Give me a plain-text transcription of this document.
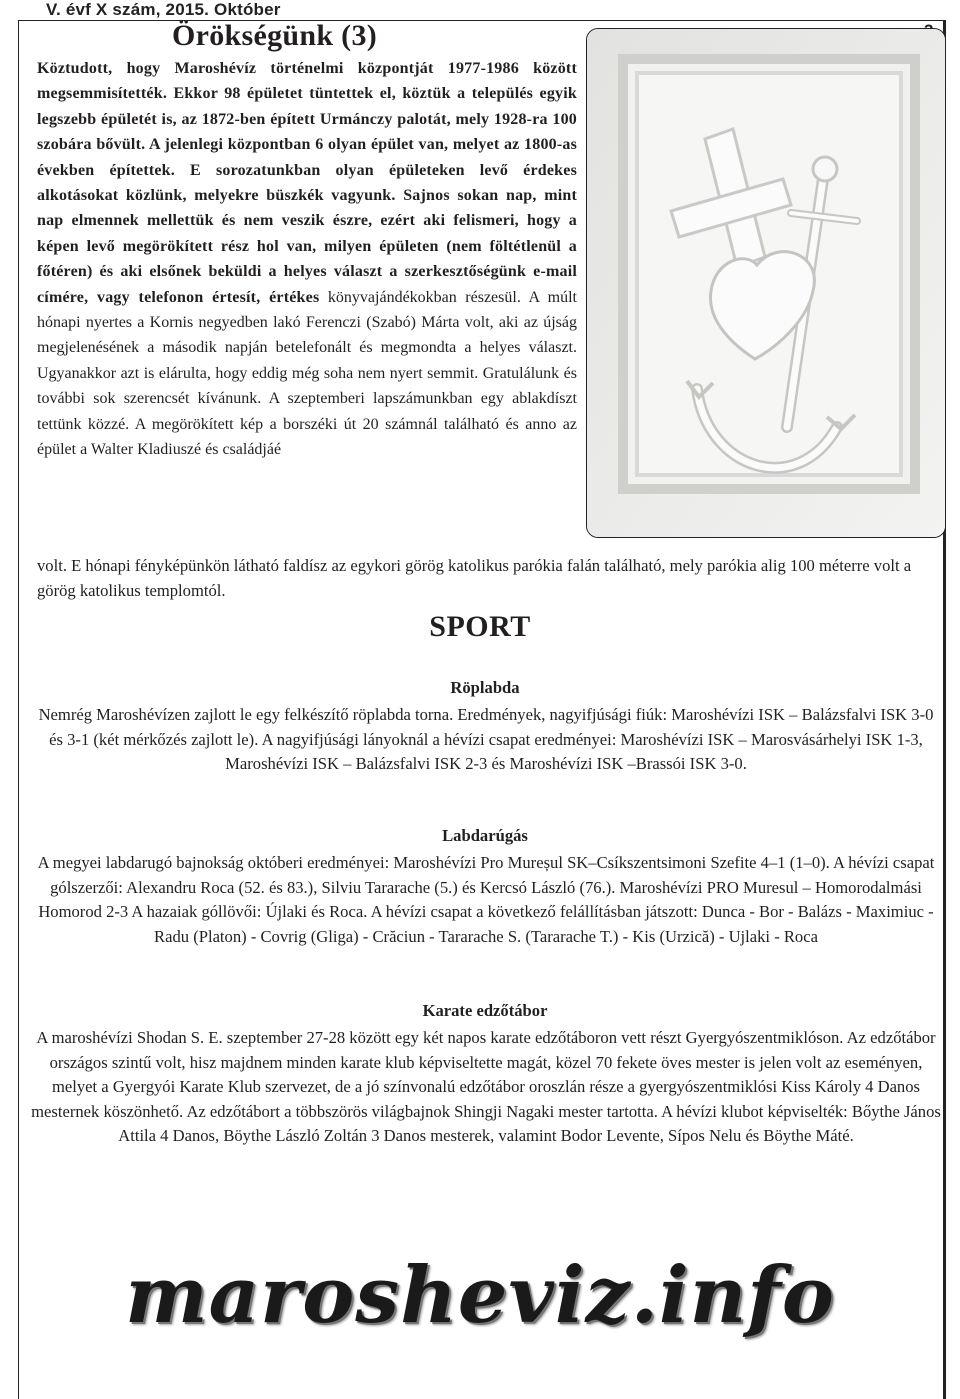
V. évf X szám, 2015. Október
Örökségünk (3)

Köztudott, hogy Maroshévíz történelmi központját 1977-1986 között megsemmisítették. Ekkor 98 épületet tüntettek el, köztük a település egyik legszebb épületét is, az 1872-ben épített Urmánczy palotát, mely 1928-ra 100 szobára bővült. A jelenlegi központban 6 olyan épület van, melyet az 1800-as években építettek. E sorozatunkban olyan épületeken levő érdekes alkotásokat közlünk, melyekre büszkék vagyunk. Sajnos sokan nap, mint nap elmennek mellettük és nem veszik észre, ezért aki felismeri, hogy a képen levő megörökített rész hol van, milyen épületen (nem föltétlenül a főtéren) és aki elsőnek beküldi a helyes választ a szerkesztőségünk e-mail címére, vagy telefonon értesít, értékes könyvajándékokban részesül. A múlt hónapi nyertes a Kornis negyedben lakó Ferenczi (Szabó) Márta volt, aki az újság megjelenésének a második napján betelefonált és megmondta a helyes választ. Ugyanakkor azt is elárulta, hogy eddig még soha nem nyert semmit. Gratulálunk és további sok szerencsét kívánunk. A szeptemberi lapszámunkban egy ablakdíszt tettünk közzé. A megörökített kép a borszéki út 20 számnál található és anno az épület a Walter Kladiuszé és családjáé

volt. E hónapi fényképünkön látható faldísz az egykori görög katolikus parókia falán található, mely parókia alig 100 méterre volt a görög katolikus templomtól.

SPORT
Röplabda

Nemrég Maroshévízen zajlott le egy felkészítő röplabda torna. Eredmények, nagyifjúsági fiúk: Maroshévízi ISK – Balázsfalvi ISK 3-0 és 3-1 (két mérkőzés zajlott le). A nagyifjúsági lányoknál a hévízi csapat eredményei: Maroshévízi ISK – Marosvásárhelyi ISK 1-3, Maroshévízi ISK – Balázsfalvi ISK 2-3 és Maroshévízi ISK –Brassói ISK 3-0.

Labdarúgás

A megyei labdarugó bajnokság októberi eredményei: Maroshévízi Pro Mureșul SK–Csíkszentsimoni Szefite 4–1 (1–0). A hévízi csapat gólszerzői: Alexandru Roca (52. és 83.), Silviu Tararache (5.) és Kercsó László (76.). Maroshévízi PRO Muresul – Homorodalmási Homorod 2-3 A hazaiak góllövői: Újlaki és Roca. A hévízi csapat a következő felállításban játszott: Dunca - Bor - Balázs - Maximiuc - Radu (Platon) - Covrig (Gliga) - Crăciun - Tararache S. (Tararache T.) - Kis (Urzică) - Ujlaki - Roca

Karate edzőtábor

A maroshévízi Shodan S. E. szeptember 27-28 között egy két napos karate edzőtáboron vett részt Gyergyószentmiklóson. Az edzőtábor országos szintű volt, hisz majdnem minden karate klub képviseltette magát, közel 70 fekete öves mester is jelen volt az eseményen, melyet a Gyergyói Karate Klub szervezet, de a jó színvonalú edzőtábor oroszlán része a gyergyószentmiklósi Kiss Károly 4 Danos mesternek köszönhető. Az edzőtábort a többszörös világbajnok Shingji Nagaki mester tartotta. A hévízi klubot képviselték: Bőythe János Attila 4 Danos, Böythe László Zoltán 3 Danos mesterek, valamint Bodor Levente, Sípos Nelu és Böythe Máté.

marosheviz.info
